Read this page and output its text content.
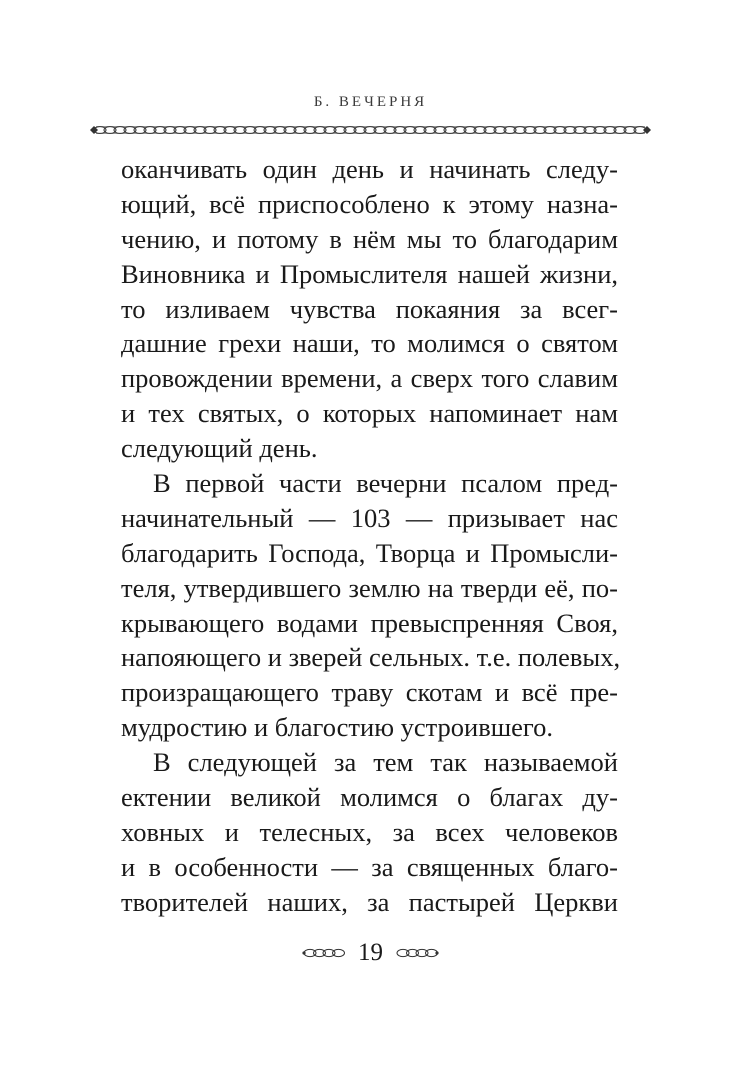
Б. ВЕЧЕРНЯ
оканчивать один день и начинать следу-
ющий, всё приспособлено к этому назна-
чению, и потому в нём мы то благодарим
Виновника и Промыслителя нашей жизни,
то изливаем чувства покаяния за всег-
дашние грехи наши, то молимся о святом
провождении времени, а сверх того славим
и тех святых, о которых напоминает нам
следующий день.
В первой части вечерни псалом пред-
начинательный — 103 — призывает нас
благодарить Господа, Творца и Промысли-
теля, утвердившего землю на тверди её, по-
крывающего водами превыспренняя Своя,
напояющего и зверей сельных. т.е. полевых,
произращающего траву скотам и всё пре-
мудростию и благостию устроившего.
В следующей за тем так называемой
ектении великой молимся о благах ду-
ховных и телесных, за всех человеков
и в особенности — за священных благо-
творителей наших, за пастырей Церкви
19
